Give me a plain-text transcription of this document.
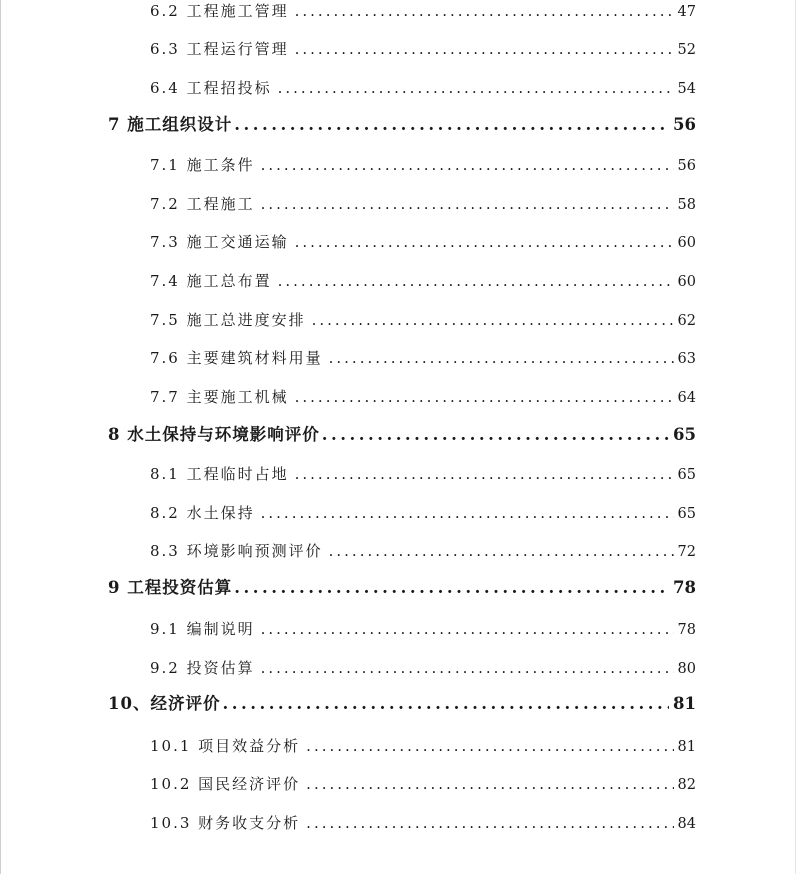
6.2 工程施工管理 .....	47
6.3 工程运行管理 .....	52
6.4 工程招投标 .....	54
7 施工组织设计 .....	56
7.1 施工条件 .....	56
7.2 工程施工 .....	58
7.3 施工交通运输 .....	60
7.4 施工总布置 .....	60
7.5 施工总进度安排 .....	62
7.6 主要建筑材料用量 .....	63
7.7 主要施工机械 .....	64
8 水土保持与环境影响评价 .....	65
8.1 工程临时占地 .....	65
8.2 水土保持 .....	65
8.3 环境影响预测评价 .....	72
9 工程投资估算 .....	78
9.1 编制说明 .....	78
9.2 投资估算 .....	80
10、经济评价 .....	81
10.1 项目效益分析 .....	81
10.2 国民经济评价 .....	82
10.3 财务收支分析 .....	84
